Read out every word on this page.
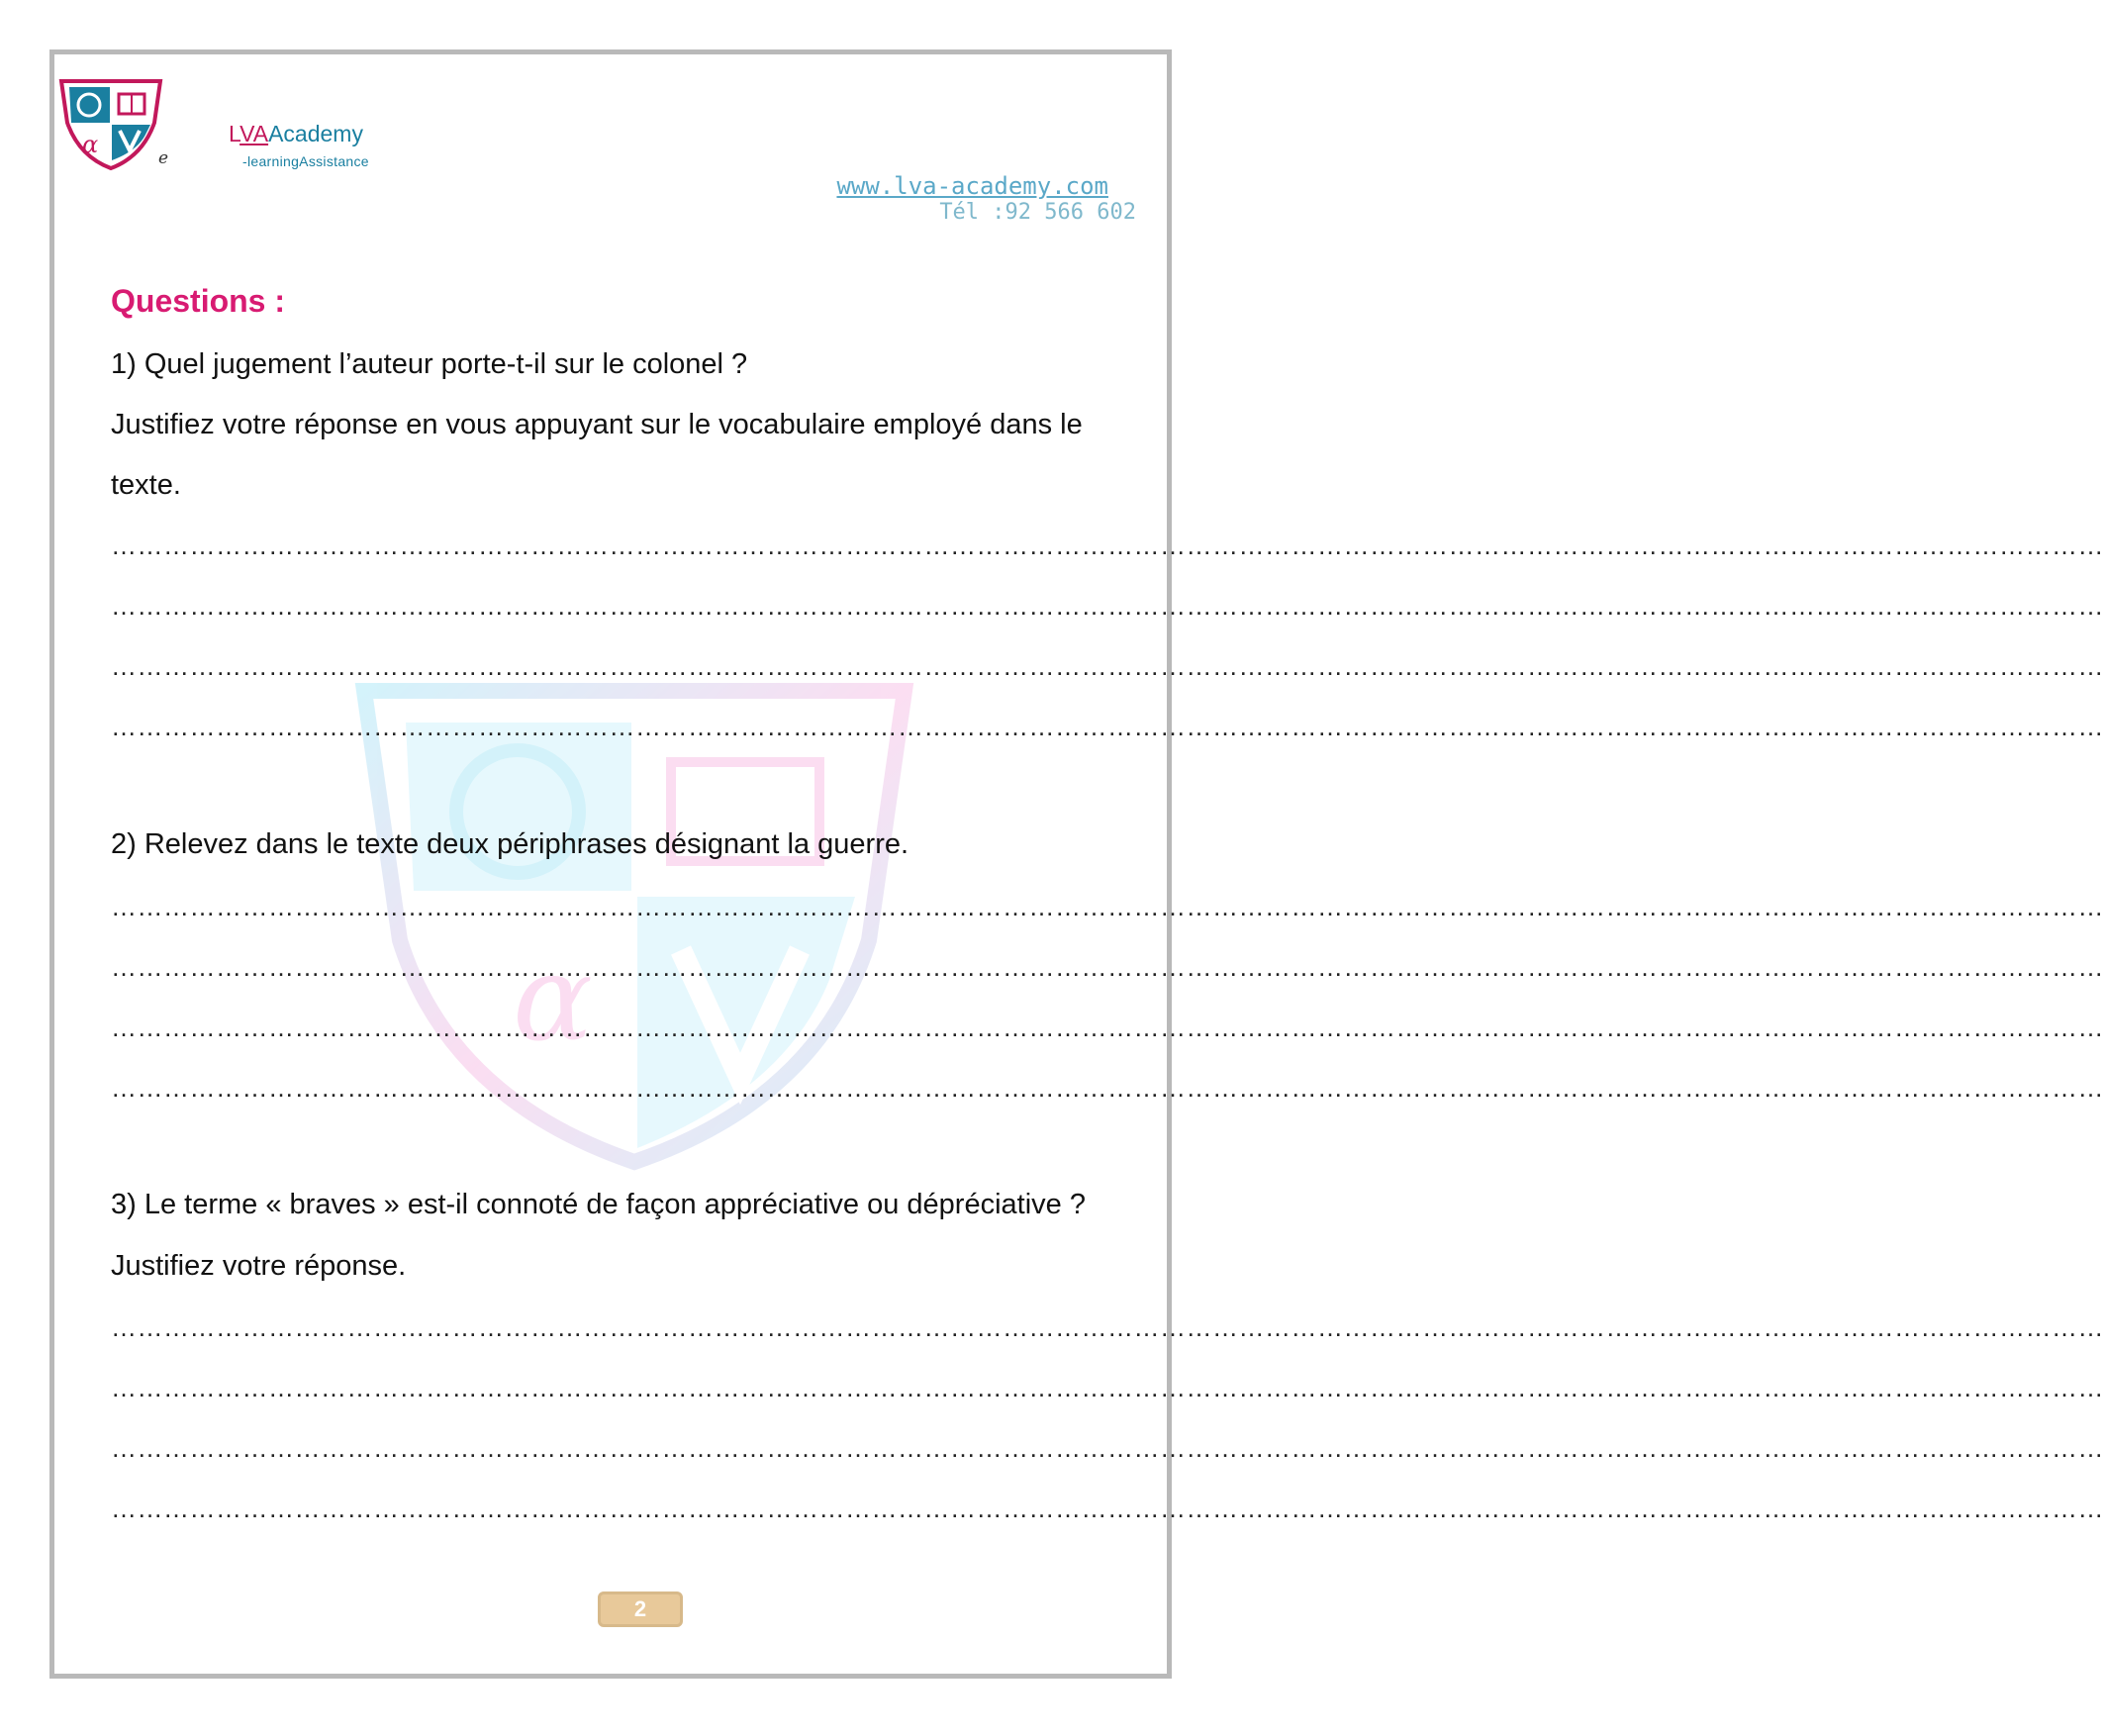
α
α	e
LVAAcademy
-learningAssistance
www.lva-academy.com
Tél :92 566 602
Questions :
1) Quel jugement l’auteur porte-t-il sur le colonel ?
Justifiez votre réponse en vous appuyant sur le vocabulaire employé dans le
texte.
…………………………………………………………………………………………………………………………………………………………………………………………………………
…………………………………………………………………………………………………………………………………………………………………………………………………………
…………………………………………………………………………………………………………………………………………………………………………………………………………
…………………………………………………………………………………………………………………………………………………………………………………………………………
2) Relevez dans le texte deux périphrases désignant la guerre.
…………………………………………………………………………………………………………………………………………………………………………………………………………
…………………………………………………………………………………………………………………………………………………………………………………………………………
…………………………………………………………………………………………………………………………………………………………………………………………………………
…………………………………………………………………………………………………………………………………………………………………………………………………………
3) Le terme « braves » est-il connoté de façon appréciative ou dépréciative ?
Justifiez votre réponse.
…………………………………………………………………………………………………………………………………………………………………………………………………………
…………………………………………………………………………………………………………………………………………………………………………………………………………
…………………………………………………………………………………………………………………………………………………………………………………………………………
…………………………………………………………………………………………………………………………………………………………………………………………………………
2
